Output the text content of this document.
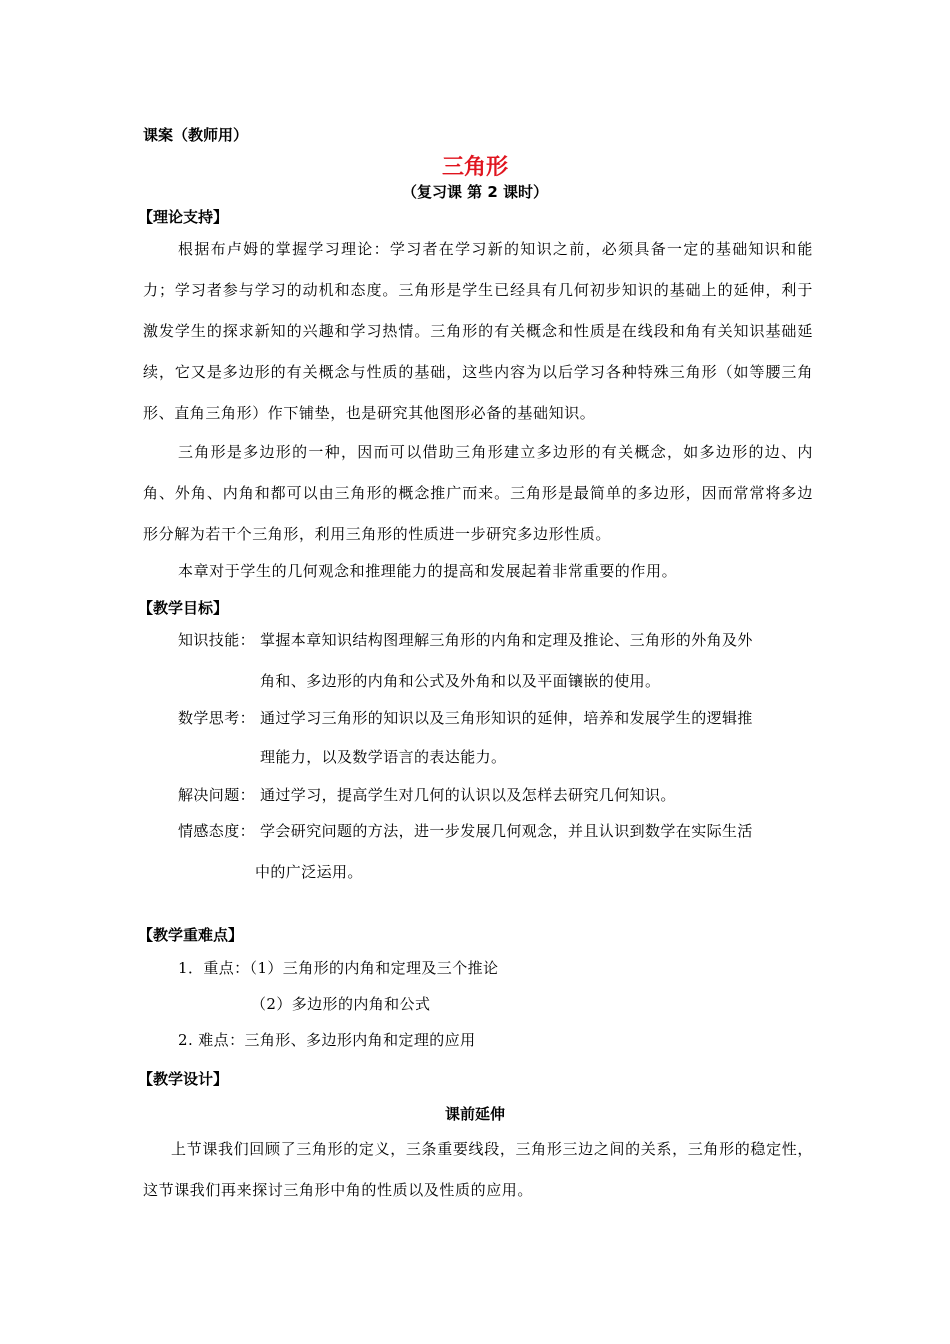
课案（教师用）
三角形
（复习课 第 2 课时）
【理论支持】
根据布卢姆的掌握学习理论：学习者在学习新的知识之前，必须具备一定的基础知识和能力；学习者参与学习的动机和态度。三角形是学生已经具有几何初步知识的基础上的延伸，利于激发学生的探求新知的兴趣和学习热情。三角形的有关概念和性质是在线段和角有关知识基础延续，它又是多边形的有关概念与性质的基础，这些内容为以后学习各种特殊三角形（如等腰三角形、直角三角形）作下铺垫，也是研究其他图形必备的基础知识。
三角形是多边形的一种，因而可以借助三角形建立多边形的有关概念，如多边形的边、内角、外角、内角和都可以由三角形的概念推广而来。三角形是最简单的多边形，因而常常将多边形分解为若干个三角形，利用三角形的性质进一步研究多边形性质。
本章对于学生的几何观念和推理能力的提高和发展起着非常重要的作用。
【教学目标】
知识技能： 掌握本章知识结构图理解三角形的内角和定理及推论、三角形的外角及外
角和、多边形的内角和公式及外角和以及平面镶嵌的使用。
数学思考： 通过学习三角形的知识以及三角形知识的延伸，培养和发展学生的逻辑推
理能力，以及数学语言的表达能力。
解决问题： 通过学习，提高学生对几何的认识以及怎样去研究几何知识。
情感态度： 学会研究问题的方法，进一步发展几何观念，并且认识到数学在实际生活
中的广泛运用。
【教学重难点】
1．重点：（1）三角形的内角和定理及三个推论
（2）多边形的内角和公式
2. 难点：三角形、多边形内角和定理的应用
【教学设计】
课前延伸
上节课我们回顾了三角形的定义，三条重要线段，三角形三边之间的关系，三角形的稳定性，这节课我们再来探讨三角形中角的性质以及性质的应用。
